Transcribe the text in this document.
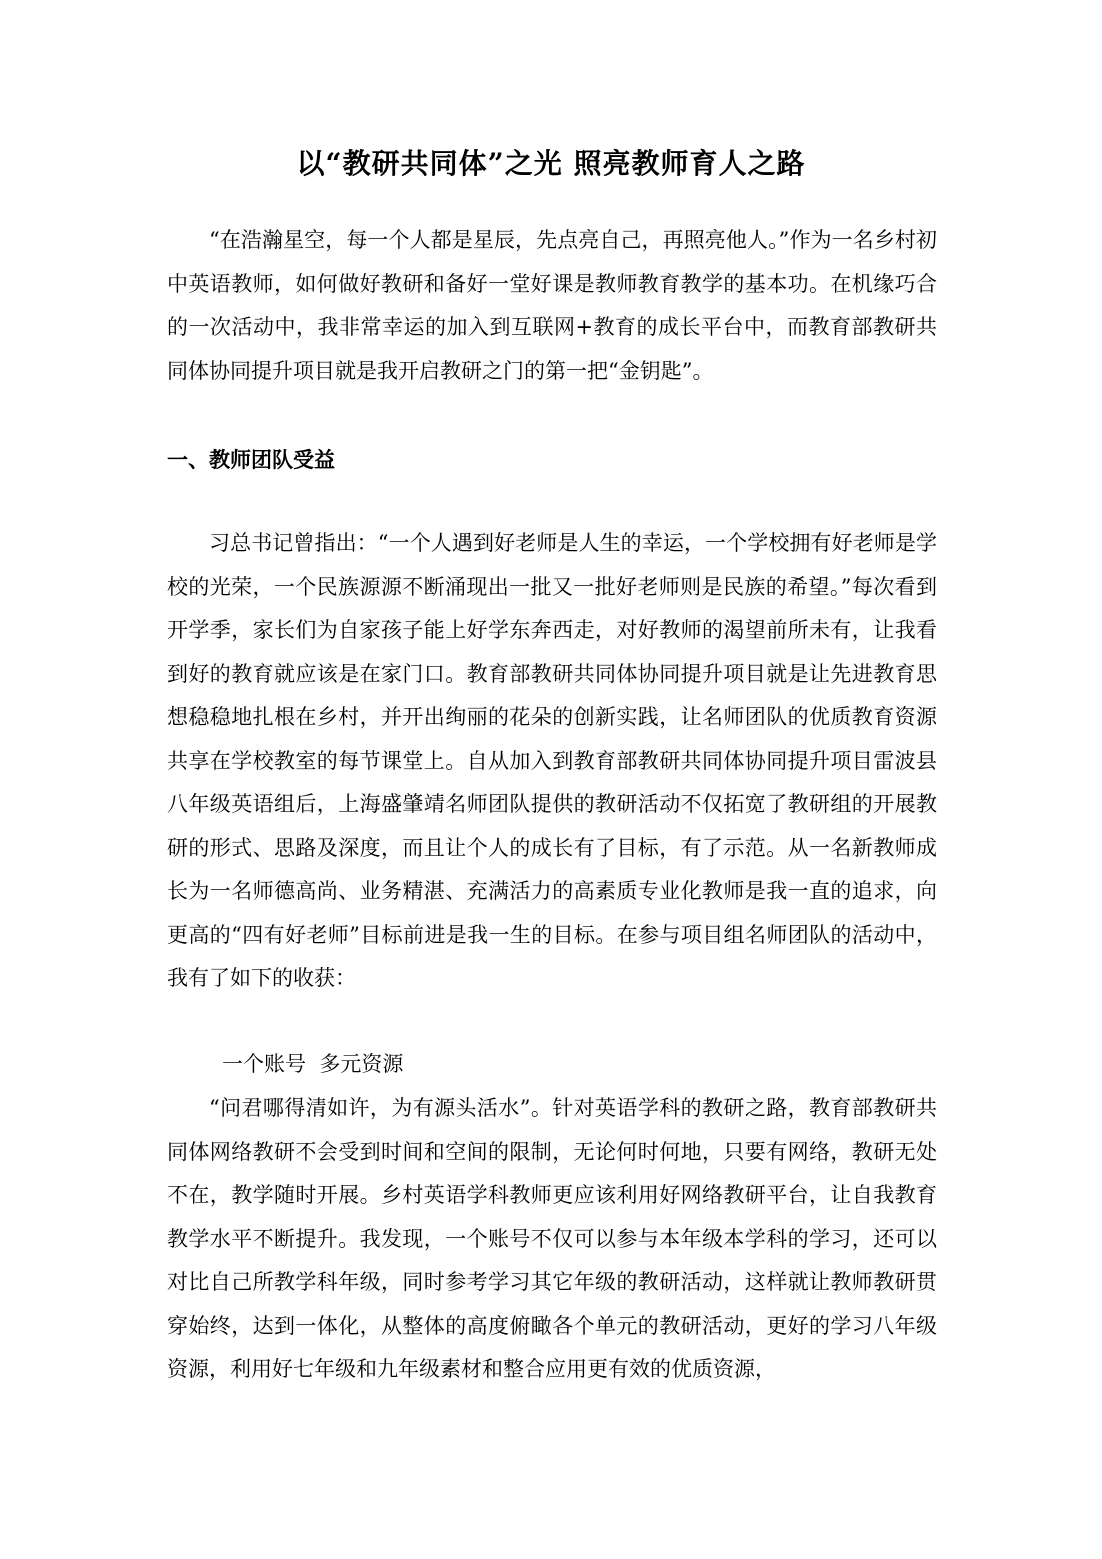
以“教研共同体”之光 照亮教师育人之路

“在浩瀚星空，每一个人都是星辰，先点亮自己，再照亮他人。”作为一名乡村初中英语教师，如何做好教研和备好一堂好课是教师教育教学的基本功。在机缘巧合的一次活动中，我非常幸运的加入到互联网+教育的成长平台中，而教育部教研共同体协同提升项目就是我开启教研之门的第一把“金钥匙”。

一、教师团队受益

习总书记曾指出：“一个人遇到好老师是人生的幸运，一个学校拥有好老师是学校的光荣，一个民族源源不断涌现出一批又一批好老师则是民族的希望。”每次看到开学季，家长们为自家孩子能上好学东奔西走，对好教师的渴望前所未有，让我看到好的教育就应该是在家门口。教育部教研共同体协同提升项目就是让先进教育思想稳稳地扎根在乡村，并开出绚丽的花朵的创新实践，让名师团队的优质教育资源共享在学校教室的每节课堂上。自从加入到教育部教研共同体协同提升项目雷波县八年级英语组后，上海盛肇靖名师团队提供的教研活动不仅拓宽了教研组的开展教研的形式、思路及深度，而且让个人的成长有了目标，有了示范。从一名新教师成长为一名师德高尚、业务精湛、充满活力的高素质专业化教师是我一直的追求，向更高的“四有好老师”目标前进是我一生的目标。在参与项目组名师团队的活动中，我有了如下的收获：

一个账号  多元资源

“问君哪得清如许，为有源头活水”。针对英语学科的教研之路，教育部教研共同体网络教研不会受到时间和空间的限制，无论何时何地，只要有网络，教研无处不在，教学随时开展。乡村英语学科教师更应该利用好网络教研平台，让自我教育教学水平不断提升。我发现，一个账号不仅可以参与本年级本学科的学习，还可以对比自己所教学科年级，同时参考学习其它年级的教研活动，这样就让教师教研贯穿始终，达到一体化，从整体的高度俯瞰各个单元的教研活动，更好的学习八年级资源，利用好七年级和九年级素材和整合应用更有效的优质资源，
